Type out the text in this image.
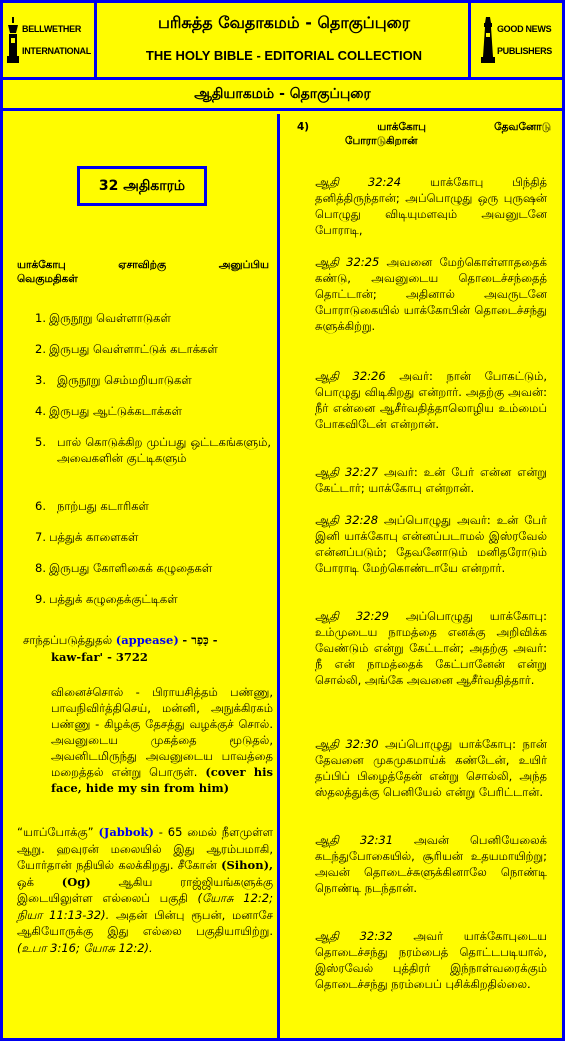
BELLWETHER
INTERNATIONAL
பரிசுத்த வேதாகமம் - தொகுப்புரை
THE HOLY BIBLE - EDITORIAL COLLECTION
GOOD NEWS
PUBLISHERS
ஆதியாகமம் - தொகுப்புரை
32 அதிகாரம்
யாக்கோபு ஏசாவிற்கு அனுப்பிய
வெகுமதிகள்
1. இருநூறு வெள்ளாடுகள்
2. இருபது வெள்ளாட்டுக் கடாக்கள்
3. இருநூறு செம்மறியாடுகள்
4. இருபது ஆட்டுக்கடாக்கள்
5. பால் கொடுக்கிற முப்பது ஒட்டகங்களும், அவைகளின் குட்டிகளும்
6. நாற்பது கடாரிகள்
7. பத்துக் காளைகள்
8. இருபது கோளிகைக் கழுதைகள்
9. பத்துக் கழுதைக்குட்டிகள்
சாந்தப்படுத்துதல் (appease) - כָּפַר -
kaw-far' - 3722
வினைச்சொல் - பிராயசித்தம் பண்ணு, பாவநிவிர்த்திசெய், மன்னி, அநுக்கிரகம் பண்ணு - கிழக்கு தேசத்து வழக்குச் சொல். அவனுடைய முகத்தை மூடுதல், அவனிடமிருந்து அவனுடைய பாவத்தை மறைத்தல் என்று பொருள். (cover his face, hide my sin from him)
“யாப்போக்கு” (Jabbok) - 65 மைல் நீளமுள்ள ஆறு. ஹவுரன் மலையில் இது ஆரம்பமாகி, யோர்தான் நதியில் கலக்கிறது. சீகோன் (Sihon), ஒக் (Og) ஆகிய ராஜ்ஜியங்களுக்கு இடையிலுள்ள எல்லைப் பகுதி (யோசு 12:2; நியா 11:13-32). அதன் பின்பு ரூபன், மனாசே ஆகியோருக்கு இது எல்லை பகுதியாயிற்று. (உபா 3:16; யோசு 12:2).
4)	யாக்கோபு	தேவனோடு
போராடுகிறான்
ஆதி 32:24	யாக்கோபு பிந்தித் தனித்திருந்தான்; அப்பொழுது ஒரு புருஷன் பொழுது விடியுமளவும் அவனுடனே போராடி,
ஆதி 32:25 அவனை மேற்கொள்ளாததைக் கண்டு, அவனுடைய தொடைச்சந்தைத் தொட்டான்; அதினால் அவருடனே போராடுகையில் யாக்கோபின் தொடைச்சந்து சுளுக்கிற்று.
ஆதி 32:26 அவர்: நான் போகட்டும், பொழுது விடிகிறது என்றார். அதற்கு அவன்: நீர் என்னை ஆசீர்வதித்தாலொழிய உம்மைப் போகவிடேன் என்றான்.
ஆதி 32:27 அவர்: உன் பேர் என்ன என்று கேட்டார்; யாக்கோபு என்றான்.
ஆதி 32:28 அப்பொழுது அவர்: உன் பேர் இனி யாக்கோபு என்னப்படாமல் இஸ்ரவேல் என்னப்படும்; தேவனோடும் மனிதரோடும் போராடி மேற்கொண்டாயே என்றார்.
ஆதி 32:29 அப்பொழுது யாக்கோபு: உம்முடைய நாமத்தை எனக்கு அறிவிக்க வேண்டும் என்று கேட்டான்; அதற்கு அவர்: நீ என் நாமத்தைக் கேட்பானேன் என்று சொல்லி, அங்கே அவனை ஆசீர்வதித்தார்.
ஆதி 32:30 அப்பொழுது யாக்கோபு: நான் தேவனை முகமுகமாய்க் கண்டேன், உயிர் தப்பிப் பிழைத்தேன் என்று சொல்லி, அந்த ஸ்தலத்துக்கு பெனியேல் என்று பேரிட்டான்.
ஆதி 32:31 அவன் பெனியேலைக் கடந்துபோகையில், சூரியன் உதயமாயிற்று; அவன் தொடைச்சுளுக்கினாலே நொண்டி நொண்டி நடந்தான்.
ஆதி 32:32 அவர் யாக்கோபுடைய தொடைச்சந்து நரம்பைத் தொட்டபடியால், இஸ்ரவேல் புத்திரர் இந்நாள்வரைக்கும் தொடைச்சந்து நரம்பைப் புசிக்கிறதில்லை.
